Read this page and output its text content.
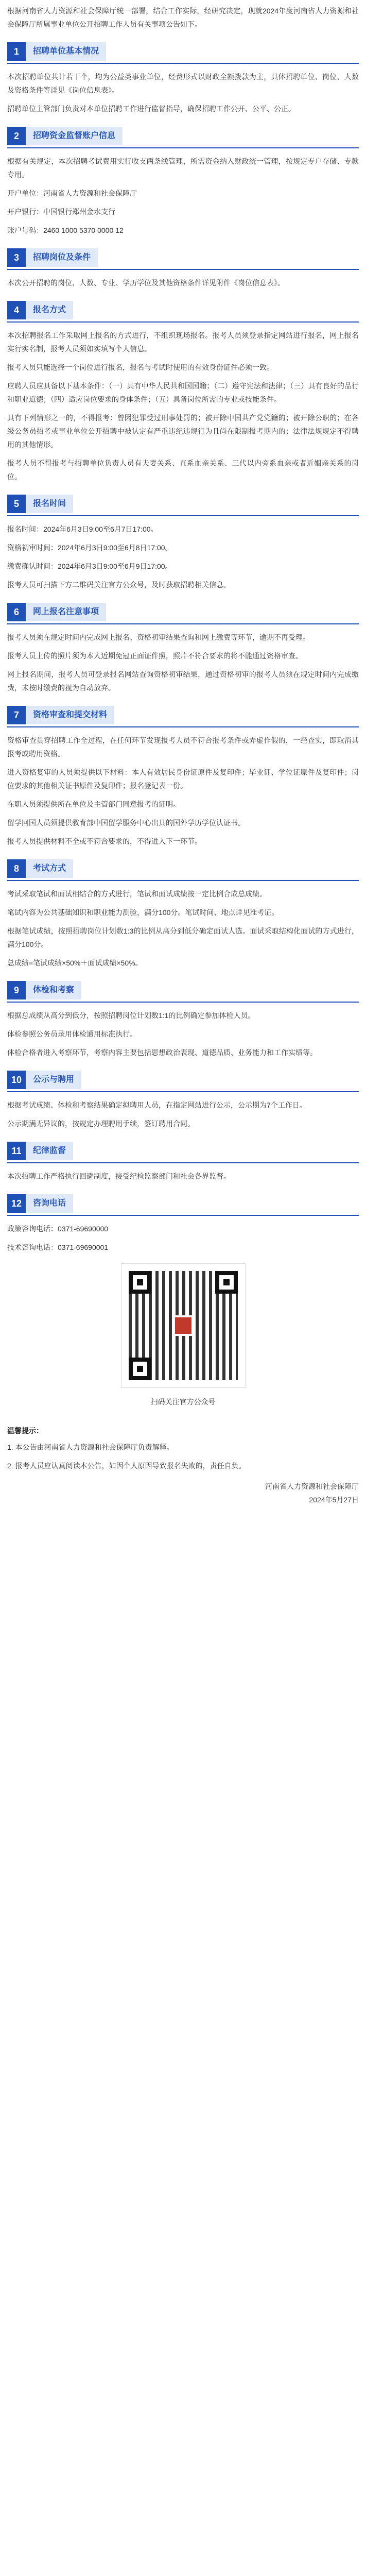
根据河南省人力资源和社会保障厅统一部署，结合工作实际，经研究决定，现就2024年度河南省人力资源和社会保障厅所属事业单位公开招聘工作人员有关事项公告如下。

1	招聘单位基本情况

本次招聘单位共计若干个，均为公益类事业单位，经费形式以财政全额拨款为主，具体招聘单位、岗位、人数及资格条件等详见《岗位信息表》。

招聘单位主管部门负责对本单位招聘工作进行监督指导，确保招聘工作公开、公平、公正。

2	招聘资金监督账户信息

根据有关规定，本次招聘考试费用实行收支两条线管理，所需资金纳入财政统一管理，按规定专户存储、专款专用。

开户单位：河南省人力资源和社会保障厅

开户银行：中国银行郑州金水支行

账户号码：2460 1000 5370 0000 12

3	招聘岗位及条件

本次公开招聘的岗位、人数、专业、学历学位及其他资格条件详见附件《岗位信息表》。

4	报名方式

本次招聘报名工作采取网上报名的方式进行，不组织现场报名。报考人员须登录指定网站进行报名，网上报名实行实名制，报考人员须如实填写个人信息。

报考人员只能选择一个岗位进行报名，报名与考试时使用的有效身份证件必须一致。

应聘人员应具备以下基本条件：（一）具有中华人民共和国国籍；（二）遵守宪法和法律；（三）具有良好的品行和职业道德；（四）适应岗位要求的身体条件；（五）具备岗位所需的专业或技能条件。

具有下列情形之一的，不得报考：曾因犯罪受过刑事处罚的；被开除中国共产党党籍的；被开除公职的；在各级公务员招考或事业单位公开招聘中被认定有严重违纪违规行为且尚在限制报考期内的；法律法规规定不得聘用的其他情形。

报考人员不得报考与招聘单位负责人员有夫妻关系、直系血亲关系、三代以内旁系血亲或者近姻亲关系的岗位。

5	报名时间

报名时间：2024年6月3日9:00至6月7日17:00。

资格初审时间：2024年6月3日9:00至6月8日17:00。

缴费确认时间：2024年6月3日9:00至6月9日17:00。

报考人员可扫描下方二维码关注官方公众号，及时获取招聘相关信息。

6	网上报名注意事项

报考人员须在规定时间内完成网上报名、资格初审结果查询和网上缴费等环节，逾期不再受理。

报考人员上传的照片须为本人近期免冠正面证件照，照片不符合要求的将不能通过资格审查。

网上报名期间，报考人员可登录报名网站查询资格初审结果，通过资格初审的报考人员须在规定时间内完成缴费，未按时缴费的视为自动放弃。

7	资格审查和提交材料

资格审查贯穿招聘工作全过程，在任何环节发现报考人员不符合报考条件或弄虚作假的，一经查实，即取消其报考或聘用资格。

进入资格复审的人员须提供以下材料：本人有效居民身份证原件及复印件；毕业证、学位证原件及复印件；岗位要求的其他相关证书原件及复印件；报名登记表一份。

在职人员须提供所在单位及主管部门同意报考的证明。

留学回国人员须提供教育部中国留学服务中心出具的国外学历学位认证书。

报考人员提供材料不全或不符合要求的，不得进入下一环节。

8	考试方式

考试采取笔试和面试相结合的方式进行，笔试和面试成绩按一定比例合成总成绩。

笔试内容为公共基础知识和职业能力测验，满分100分。笔试时间、地点详见准考证。

根据笔试成绩，按照招聘岗位计划数1:3的比例从高分到低分确定面试人选。面试采取结构化面试的方式进行，满分100分。

总成绩=笔试成绩×50%＋面试成绩×50%。

9	体检和考察

根据总成绩从高分到低分，按照招聘岗位计划数1:1的比例确定参加体检人员。

体检参照公务员录用体检通用标准执行。

体检合格者进入考察环节，考察内容主要包括思想政治表现、道德品质、业务能力和工作实绩等。

10	公示与聘用

根据考试成绩、体检和考察结果确定拟聘用人员，在指定网站进行公示，公示期为7个工作日。

公示期满无异议的，按规定办理聘用手续，签订聘用合同。

11	纪律监督

本次招聘工作严格执行回避制度，接受纪检监察部门和社会各界监督。

12	咨询电话

政策咨询电话：0371-69690000

技术咨询电话：0371-69690001

扫码关注官方公众号

温馨提示：

1. 本公告由河南省人力资源和社会保障厅负责解释。

2. 报考人员应认真阅读本公告，如因个人原因导致报名失败的，责任自负。

河南省人力资源和社会保障厅
2024年5月27日
